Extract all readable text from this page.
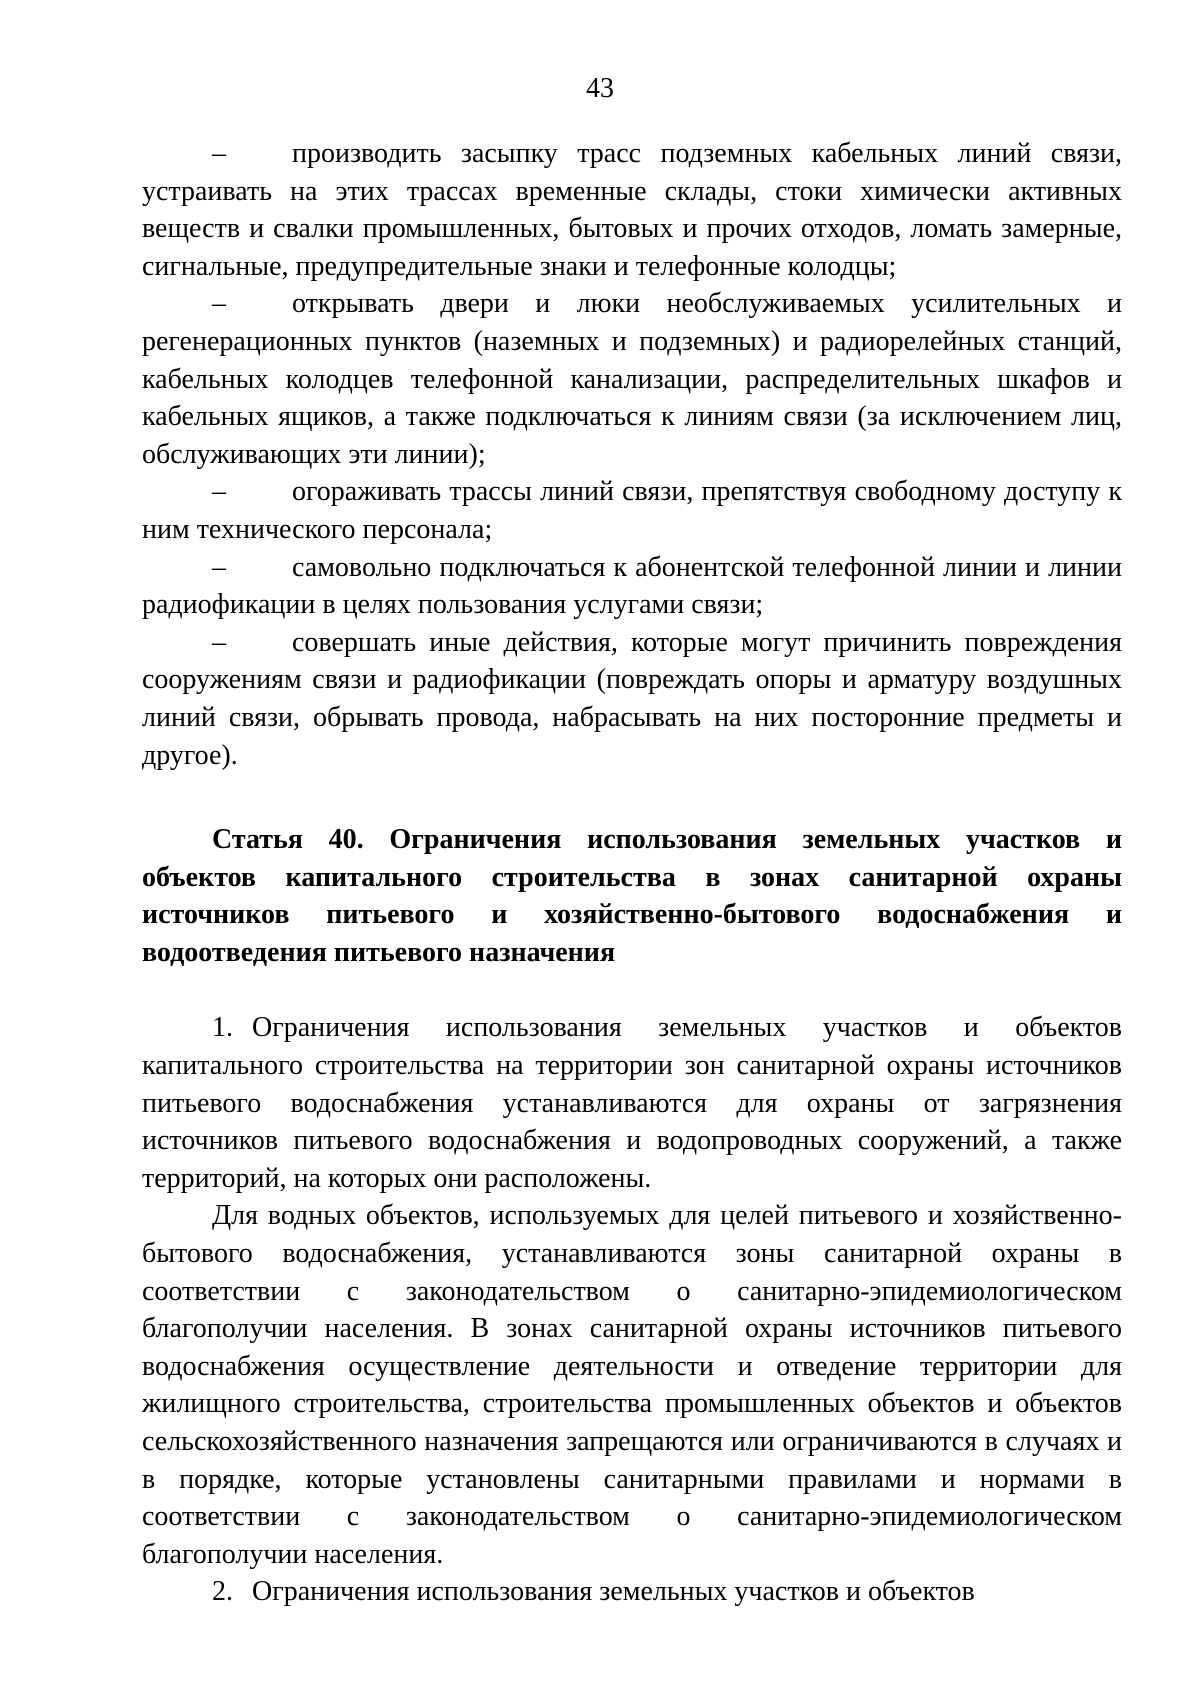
43

– производить засыпку трасс подземных кабельных линий связи, устраивать на этих трассах временные склады, стоки химически активных веществ и свалки промышленных, бытовых и прочих отходов, ломать замерные, сигнальные, предупредительные знаки и телефонные колодцы;

– открывать двери и люки необслуживаемых усилительных и регенерационных пунктов (наземных и подземных) и радиорелейных станций, кабельных колодцев телефонной канализации, распределительных шкафов и кабельных ящиков, а также подключаться к линиям связи (за исключением лиц, обслуживающих эти линии);

– огораживать трассы линий связи, препятствуя свободному доступу к ним технического персонала;

– самовольно подключаться к абонентской телефонной линии и линии радиофикации в целях пользования услугами связи;

– совершать иные действия, которые могут причинить повреждения сооружениям связи и радиофикации (повреждать опоры и арматуру воздушных линий связи, обрывать провода, набрасывать на них посторонние предметы и другое).

Статья 40. Ограничения использования земельных участков и объектов капитального строительства в зонах санитарной охраны источников питьевого и хозяйственно-бытового водоснабжения и водоотведения питьевого назначения

1. Ограничения использования земельных участков и объектов капитального строительства на территории зон санитарной охраны источников питьевого водоснабжения устанавливаются для охраны от загрязнения источников питьевого водоснабжения и водопроводных сооружений, а также территорий, на которых они расположены.

Для водных объектов, используемых для целей питьевого и хозяйственно-бытового водоснабжения, устанавливаются зоны санитарной охраны в соответствии с законодательством о санитарно-эпидемиологическом благополучии населения. В зонах санитарной охраны источников питьевого водоснабжения осуществление деятельности и отведение территории для жилищного строительства, строительства промышленных объектов и объектов сельскохозяйственного назначения запрещаются или ограничиваются в случаях и в порядке, которые установлены санитарными правилами и нормами в соответствии с законодательством о санитарно-эпидемиологическом благополучии населения.

2. Ограничения использования земельных участков и объектов
